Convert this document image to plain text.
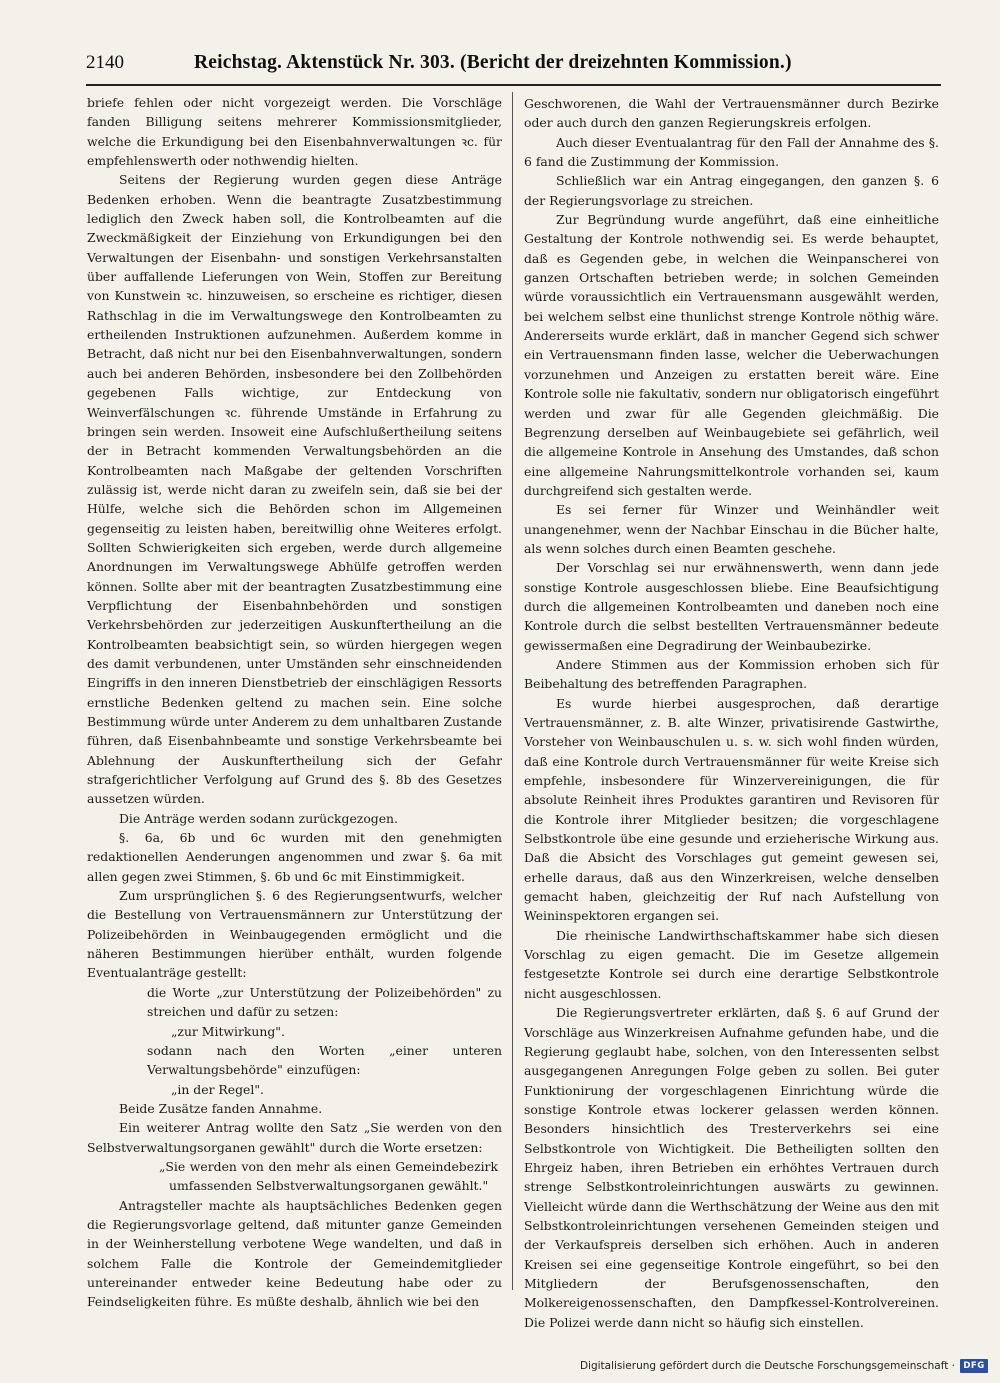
2140	Reichstag. Aktenstück Nr. 303. (Bericht der dreizehnten Kommission.)

briefe fehlen oder nicht vorgezeigt werden. Die Vorschläge fanden Billigung seitens mehrerer Kommissionsmitglieder, welche die Erkundigung bei den Eisenbahnverwaltungen ꝛc. für empfehlenswerth oder nothwendig hielten.

Seitens der Regierung wurden gegen diese Anträge Bedenken erhoben. Wenn die beantragte Zusatzbestimmung lediglich den Zweck haben soll, die Kontrolbeamten auf die Zweckmäßigkeit der Einziehung von Erkundigungen bei den Verwaltungen der Eisenbahn- und sonstigen Verkehrsanstalten über auffallende Lieferungen von Wein, Stoffen zur Bereitung von Kunstwein ꝛc. hinzuweisen, so erscheine es richtiger, diesen Rathschlag in die im Verwaltungswege den Kontrolbeamten zu ertheilenden Instruktionen aufzunehmen. Außerdem komme in Betracht, daß nicht nur bei den Eisenbahnverwaltungen, sondern auch bei anderen Behörden, insbesondere bei den Zollbehörden gegebenen Falls wichtige, zur Entdeckung von Weinverfälschungen ꝛc. führende Umstände in Erfahrung zu bringen sein werden. Insoweit eine Aufschlußertheilung seitens der in Betracht kommenden Verwaltungsbehörden an die Kontrolbeamten nach Maßgabe der geltenden Vorschriften zulässig ist, werde nicht daran zu zweifeln sein, daß sie bei der Hülfe, welche sich die Behörden schon im Allgemeinen gegenseitig zu leisten haben, bereitwillig ohne Weiteres erfolgt. Sollten Schwierigkeiten sich ergeben, werde durch allgemeine Anordnungen im Verwaltungswege Abhülfe getroffen werden können. Sollte aber mit der beantragten Zusatzbestimmung eine Verpflichtung der Eisenbahnbehörden und sonstigen Verkehrsbehörden zur jederzeitigen Auskunftertheilung an die Kontrolbeamten beabsichtigt sein, so würden hiergegen wegen des damit verbundenen, unter Umständen sehr einschneidenden Eingriffs in den inneren Dienstbetrieb der einschlägigen Ressorts ernstliche Bedenken geltend zu machen sein. Eine solche Bestimmung würde unter Anderem zu dem unhaltbaren Zustande führen, daß Eisenbahnbeamte und sonstige Verkehrsbeamte bei Ablehnung der Auskunftertheilung sich der Gefahr strafgerichtlicher Verfolgung auf Grund des §. 8b des Gesetzes aussetzen würden.

Die Anträge werden sodann zurückgezogen.

§. 6a, 6b und 6c wurden mit den genehmigten redaktionellen Aenderungen angenommen und zwar §. 6a mit allen gegen zwei Stimmen, §. 6b und 6c mit Einstimmigkeit.

Zum ursprünglichen §. 6 des Regierungsentwurfs, welcher die Bestellung von Vertrauensmännern zur Unterstützung der Polizeibehörden in Weinbaugegenden ermöglicht und die näheren Bestimmungen hierüber enthält, wurden folgende Eventualanträge gestellt:

die Worte „zur Unterstützung der Polizeibehörden" zu streichen und dafür zu setzen:

„zur Mitwirkung".

sodann nach den Worten „einer unteren Verwaltungsbehörde" einzufügen:

„in der Regel".

Beide Zusätze fanden Annahme.

Ein weiterer Antrag wollte den Satz „Sie werden von den Selbstverwaltungsorganen gewählt" durch die Worte ersetzen:

„Sie werden von den mehr als einen Gemeindebezirk umfassenden Selbstverwaltungsorganen gewählt."

Antragsteller machte als hauptsächliches Bedenken gegen die Regierungsvorlage geltend, daß mitunter ganze Gemeinden in der Weinherstellung verbotene Wege wandelten, und daß in solchem Falle die Kontrole der Gemeindemitglieder untereinander entweder keine Bedeutung habe oder zu Feindseligkeiten führe. Es müßte deshalb, ähnlich wie bei den

Geschworenen, die Wahl der Vertrauensmänner durch Bezirke oder auch durch den ganzen Regierungskreis erfolgen.

Auch dieser Eventualantrag für den Fall der Annahme des §. 6 fand die Zustimmung der Kommission.

Schließlich war ein Antrag eingegangen, den ganzen §. 6 der Regierungsvorlage zu streichen.

Zur Begründung wurde angeführt, daß eine einheitliche Gestaltung der Kontrole nothwendig sei. Es werde behauptet, daß es Gegenden gebe, in welchen die Weinpanscherei von ganzen Ortschaften betrieben werde; in solchen Gemeinden würde voraussichtlich ein Vertrauensmann ausgewählt werden, bei welchem selbst eine thunlichst strenge Kontrole nöthig wäre. Andererseits wurde erklärt, daß in mancher Gegend sich schwer ein Vertrauensmann finden lasse, welcher die Ueberwachungen vorzunehmen und Anzeigen zu erstatten bereit wäre. Eine Kontrole solle nie fakultativ, sondern nur obligatorisch eingeführt werden und zwar für alle Gegenden gleichmäßig. Die Begrenzung derselben auf Weinbaugebiete sei gefährlich, weil die allgemeine Kontrole in Ansehung des Umstandes, daß schon eine allgemeine Nahrungsmittelkontrole vorhanden sei, kaum durchgreifend sich gestalten werde.

Es sei ferner für Winzer und Weinhändler weit unangenehmer, wenn der Nachbar Einschau in die Bücher halte, als wenn solches durch einen Beamten geschehe.

Der Vorschlag sei nur erwähnenswerth, wenn dann jede sonstige Kontrole ausgeschlossen bliebe. Eine Beaufsichtigung durch die allgemeinen Kontrolbeamten und daneben noch eine Kontrole durch die selbst bestellten Vertrauensmänner bedeute gewissermaßen eine Degradirung der Weinbaubezirke.

Andere Stimmen aus der Kommission erhoben sich für Beibehaltung des betreffenden Paragraphen.

Es wurde hierbei ausgesprochen, daß derartige Vertrauensmänner, z. B. alte Winzer, privatisirende Gastwirthe, Vorsteher von Weinbauschulen u. s. w. sich wohl finden würden, daß eine Kontrole durch Vertrauensmänner für weite Kreise sich empfehle, insbesondere für Winzervereinigungen, die für absolute Reinheit ihres Produktes garantiren und Revisoren für die Kontrole ihrer Mitglieder besitzen; die vorgeschlagene Selbstkontrole übe eine gesunde und erzieherische Wirkung aus. Daß die Absicht des Vorschlages gut gemeint gewesen sei, erhelle daraus, daß aus den Winzerkreisen, welche denselben gemacht haben, gleichzeitig der Ruf nach Aufstellung von Weininspektoren ergangen sei.

Die rheinische Landwirthschaftskammer habe sich diesen Vorschlag zu eigen gemacht. Die im Gesetze allgemein festgesetzte Kontrole sei durch eine derartige Selbstkontrole nicht ausgeschlossen.

Die Regierungsvertreter erklärten, daß §. 6 auf Grund der Vorschläge aus Winzerkreisen Aufnahme gefunden habe, und die Regierung geglaubt habe, solchen, von den Interessenten selbst ausgegangenen Anregungen Folge geben zu sollen. Bei guter Funktionirung der vorgeschlagenen Einrichtung würde die sonstige Kontrole etwas lockerer gelassen werden können. Besonders hinsichtlich des Tresterverkehrs sei eine Selbstkontrole von Wichtigkeit. Die Betheiligten sollten den Ehrgeiz haben, ihren Betrieben ein erhöhtes Vertrauen durch strenge Selbstkontroleinrichtungen auswärts zu gewinnen. Vielleicht würde dann die Werthschätzung der Weine aus den mit Selbstkontroleinrichtungen versehenen Gemeinden steigen und der Verkaufspreis derselben sich erhöhen. Auch in anderen Kreisen sei eine gegenseitige Kontrole eingeführt, so bei den Mitgliedern der Berufsgenossenschaften, den Molkereigenossenschaften, den Dampfkessel-Kontrolvereinen. Die Polizei werde dann nicht so häufig sich einstellen.

Digitalisierung gefördert durch die Deutsche Forschungsgemeinschaft · DFG
